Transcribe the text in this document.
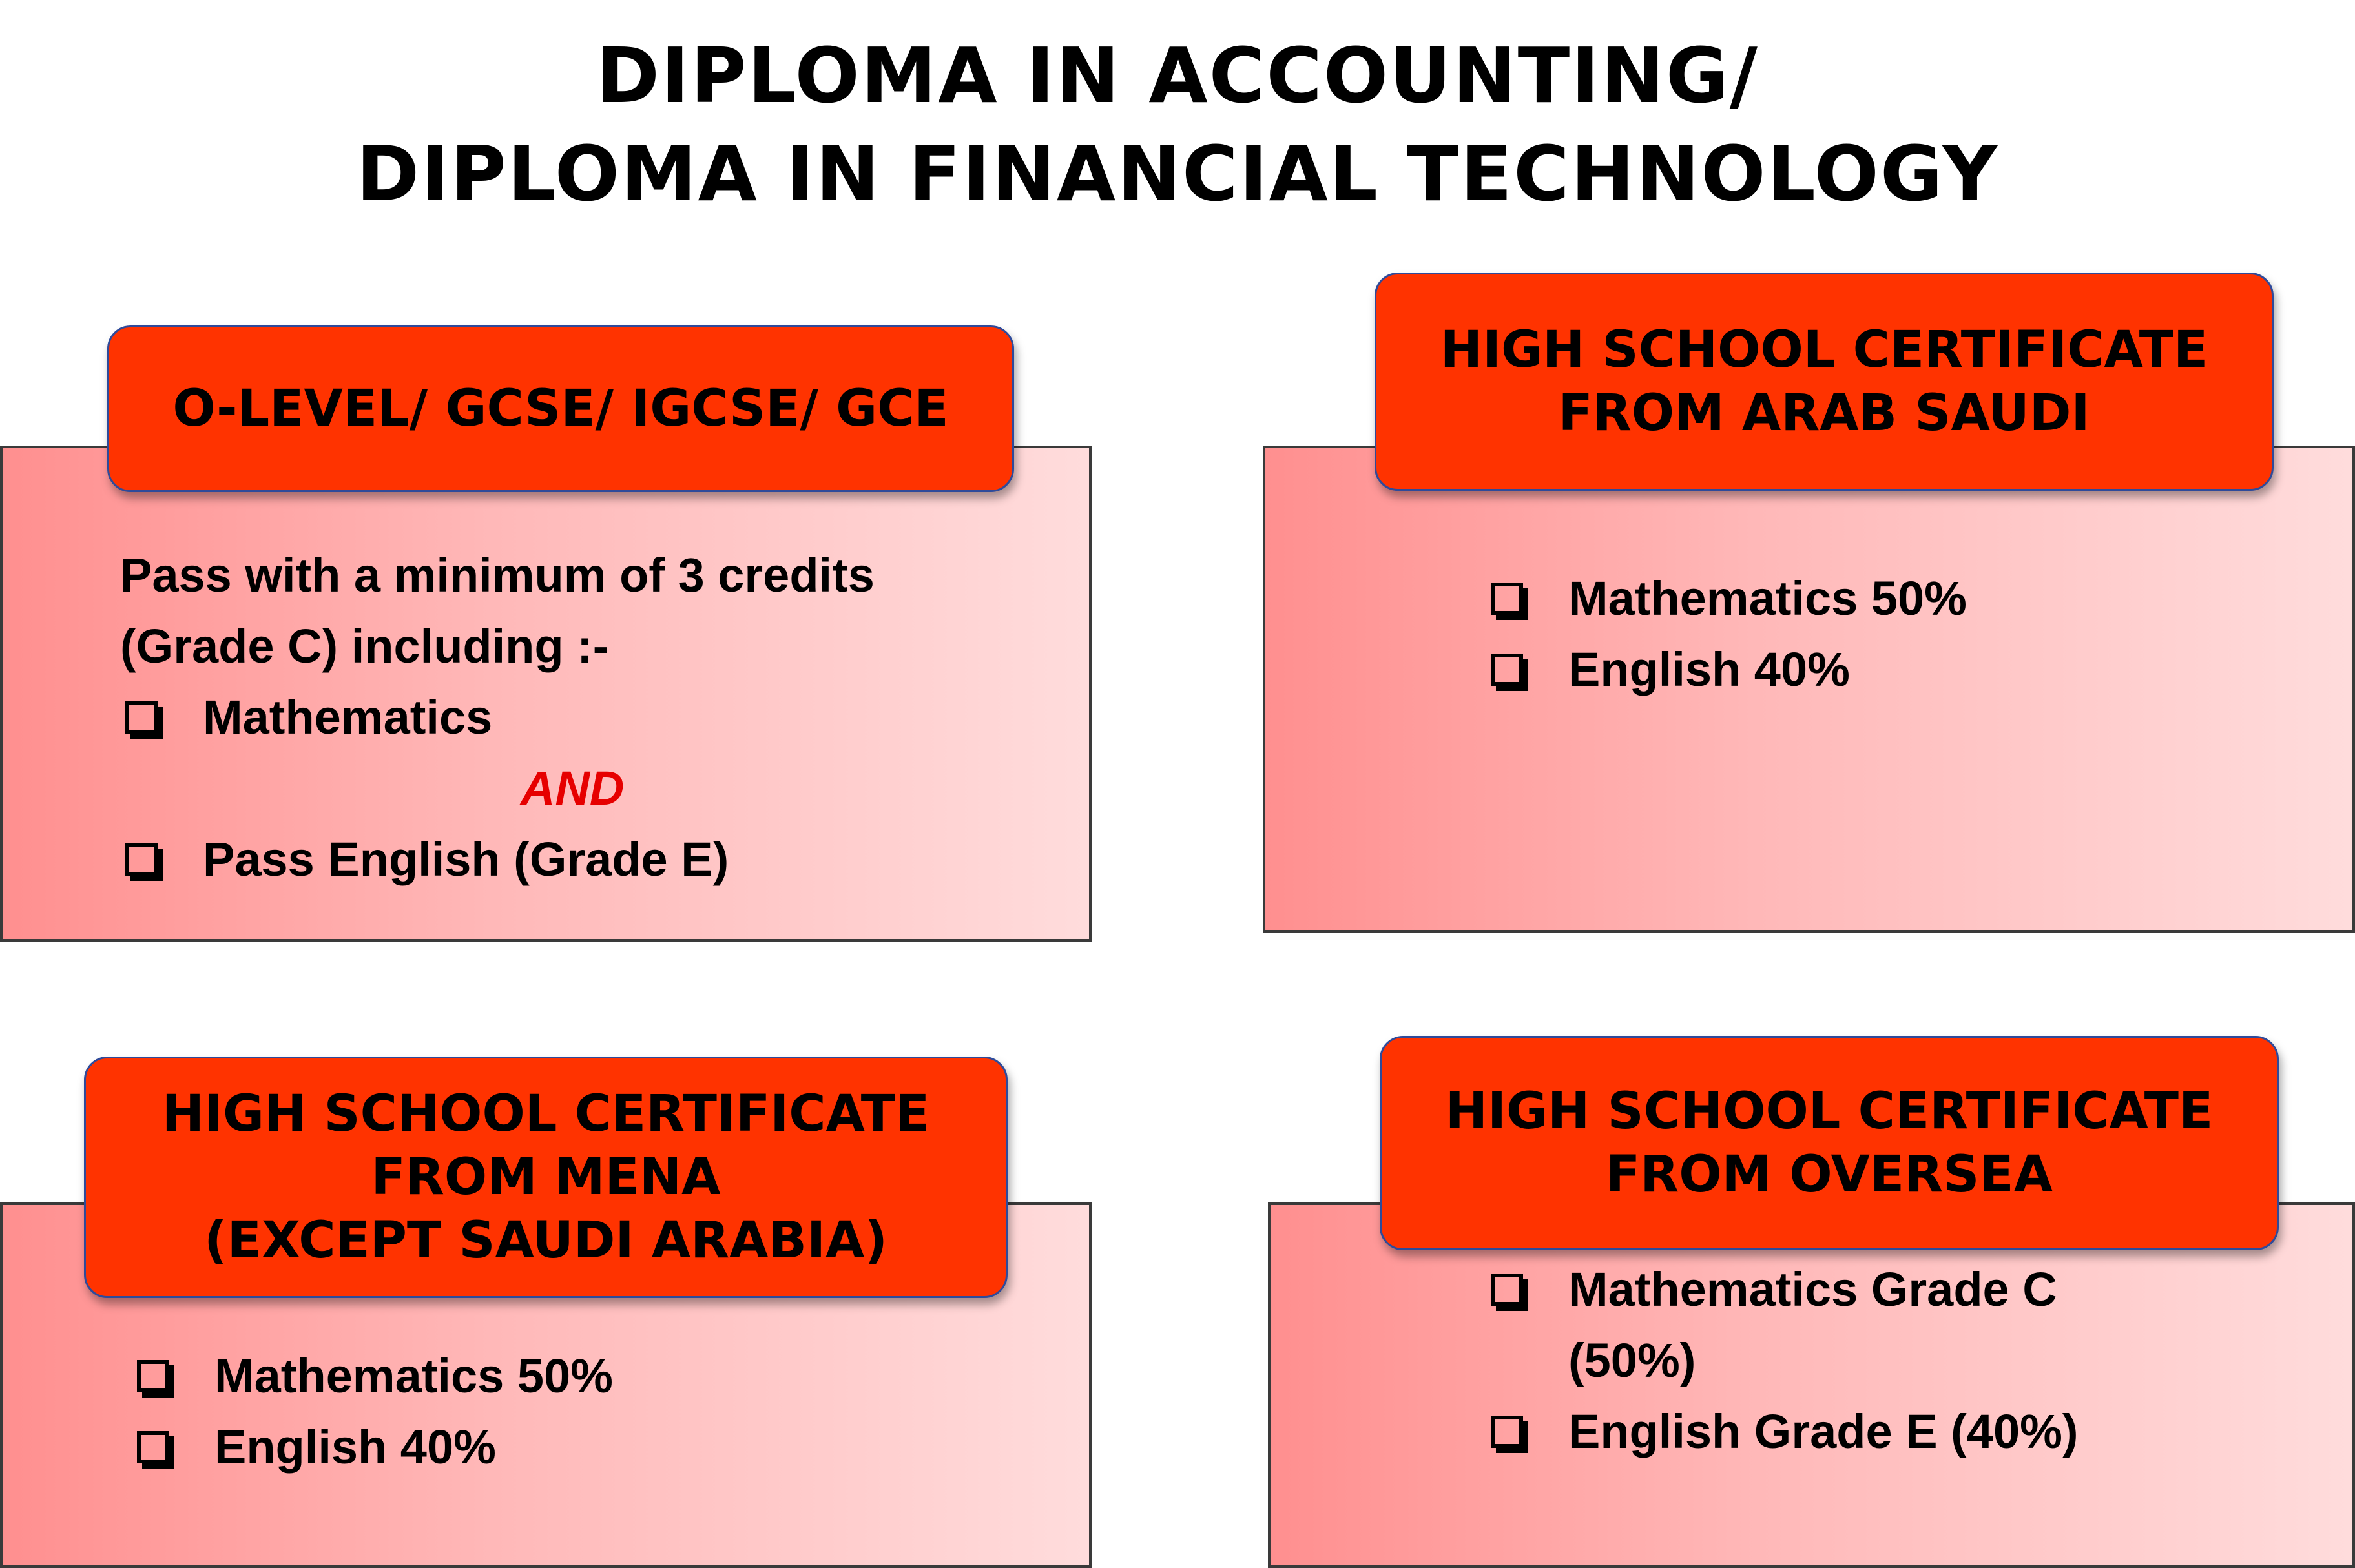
DIPLOMA IN ACCOUNTING/
DIPLOMA IN FINANCIAL TECHNOLOGY
O-LEVEL/ GCSE/ IGCSE/ GCE
Pass with a minimum of 3 credits
(Grade C) including :-
Mathematics
AND
Pass English (Grade E)
HIGH SCHOOL CERTIFICATE
FROM ARAB SAUDI
Mathematics 50%
English 40%
HIGH SCHOOL CERTIFICATE
FROM MENA
(EXCEPT SAUDI ARABIA)
Mathematics 50%
English 40%
HIGH SCHOOL CERTIFICATE
FROM OVERSEA
Mathematics Grade C
(50%)
English Grade E (40%)
